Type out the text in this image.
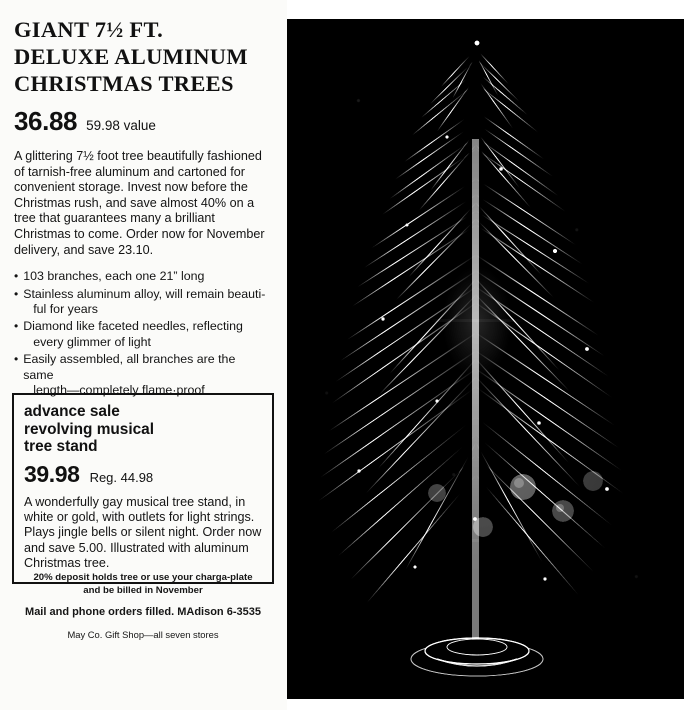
GIANT 7½ FT.
DELUXE ALUMINUM
CHRISTMAS TREES
36.88 59.98 value
A glittering 7½ foot tree beautifully fashioned of tarnish-free aluminum and cartoned for convenient storage. Invest now before the Christmas rush, and save almost 40% on a tree that guarantees many a brilliant Christmas to come. Order now for November delivery, and save 23.10.
• 103 branches, each one 21” long
• Stainless aluminum alloy, will remain beauti-
ful for years
• Diamond like faceted needles, reflecting
every glimmer of light
• Easily assembled, all branches are the same
length—completely flame·proof
advance sale
revolving musical
tree stand
39.98 Reg. 44.98
A wonderfully gay musical tree stand, in white or gold, with outlets for light strings. Plays jingle bells or silent night. Order now and save 5.00. Illustrated with aluminum Christmas tree.
20% deposit holds tree or use your charga-plate
and be billed in November
Mail and phone orders filled. MAdison 6-3535
May Co. Gift Shop—all seven stores
